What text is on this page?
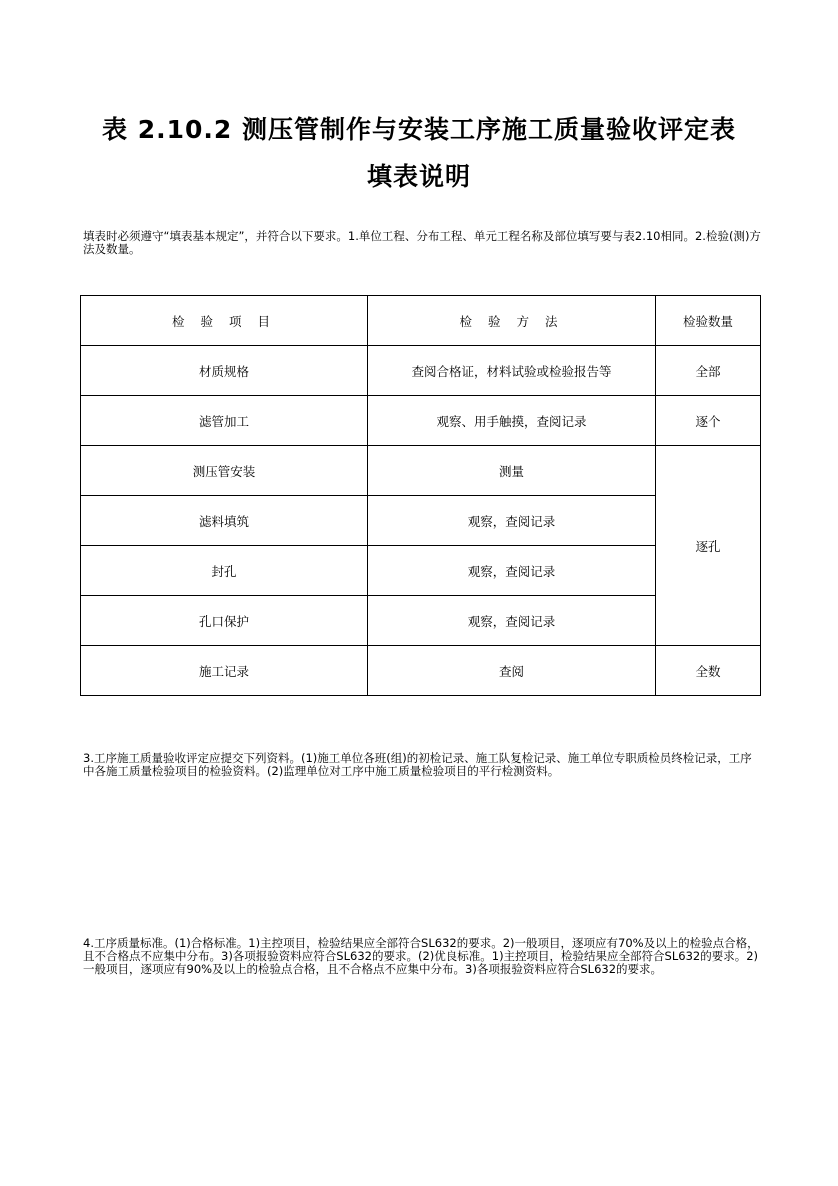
表 2.10.2 测压管制作与安装工序施工质量验收评定表
填表说明
填表时必须遵守“填表基本规定”，并符合以下要求。1.单位工程、分布工程、单元工程名称及部位填写要与表2.10相同。2.检验(测)方法及数量。
检 验 项 目	检 验 方 法	检验数量
材质规格	查阅合格证，材料试验或检验报告等	全部
滤管加工	观察、用手触摸，查阅记录	逐个
测压管安装	测量	逐孔
滤料填筑	观察，查阅记录	
封孔	观察，查阅记录	
孔口保护	观察，查阅记录	
施工记录	查阅	全数
3.工序施工质量验收评定应提交下列资料。(1)施工单位各班(组)的初检记录、施工队复检记录、施工单位专职质检员终检记录，工序中各施工质量检验项目的检验资料。(2)监理单位对工序中施工质量检验项目的平行检测资料。
4.工序质量标准。(1)合格标准。1)主控项目，检验结果应全部符合SL632的要求。2)一般项目，逐项应有70%及以上的检验点合格，且不合格点不应集中分布。3)各项报验资料应符合SL632的要求。(2)优良标准。1)主控项目，检验结果应全部符合SL632的要求。2)一般项目，逐项应有90%及以上的检验点合格，且不合格点不应集中分布。3)各项报验资料应符合SL632的要求。
